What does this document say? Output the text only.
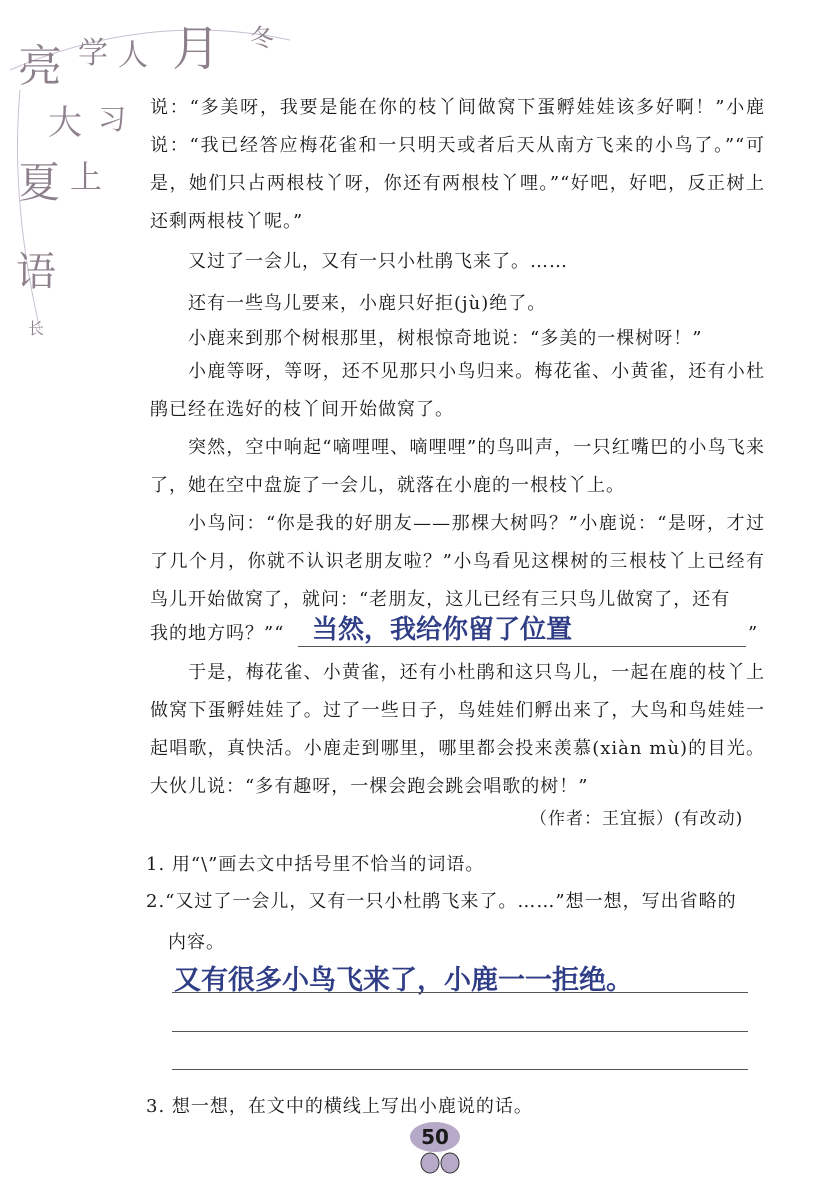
亮 学 人 月 冬
大 习
夏 上
语
长

说：“多美呀，我要是能在你的枝丫间做窝下蛋孵娃娃该多好啊！”小鹿说：“我已经答应梅花雀和一只明天或者后天从南方飞来的小鸟了。”“可是，她们只占两根枝丫呀，你还有两根枝丫哩。”“好吧，好吧，反正树上还剩两根枝丫呢。”

又过了一会儿，又有一只小杜鹃飞来了。……
还有一些鸟儿要来，小鹿只好拒(jù)绝了。
小鹿来到那个树根那里，树根惊奇地说：“多美的一棵树呀！”

小鹿等呀，等呀，还不见那只小鸟归来。梅花雀、小黄雀，还有小杜鹃已经在选好的枝丫间开始做窝了。

突然，空中响起“嘀哩哩、嘀哩哩”的鸟叫声，一只红嘴巴的小鸟飞来了，她在空中盘旋了一会儿，就落在小鹿的一根枝丫上。

小鸟问：“你是我的好朋友——那棵大树吗？”小鹿说：“是呀，才过了几个月，你就不认识老朋友啦？”小鸟看见这棵树的三根枝丫上已经有鸟儿开始做窝了，就问：“老朋友，这儿已经有三只鸟儿做窝了，还有

我的地方吗？”“ 当然，我给你留了位置	”

于是，梅花雀、小黄雀，还有小杜鹃和这只鸟儿，一起在鹿的枝丫上做窝下蛋孵娃娃了。过了一些日子，鸟娃娃们孵出来了，大鸟和鸟娃娃一起唱歌，真快活。小鹿走到哪里，哪里都会投来羡慕(xiàn mù)的目光。大伙儿说：“多有趣呀，一棵会跑会跳会唱歌的树！”

（作者：王宜振）(有改动)
1. 用“\”画去文中括号里不恰当的词语。
2.“又过了一会儿，又有一只小杜鹃飞来了。……”想一想，写出省略的
内容。
又有很多小鸟飞来了，小鹿一一拒绝。
3. 想一想，在文中的横线上写出小鹿说的话。
50
